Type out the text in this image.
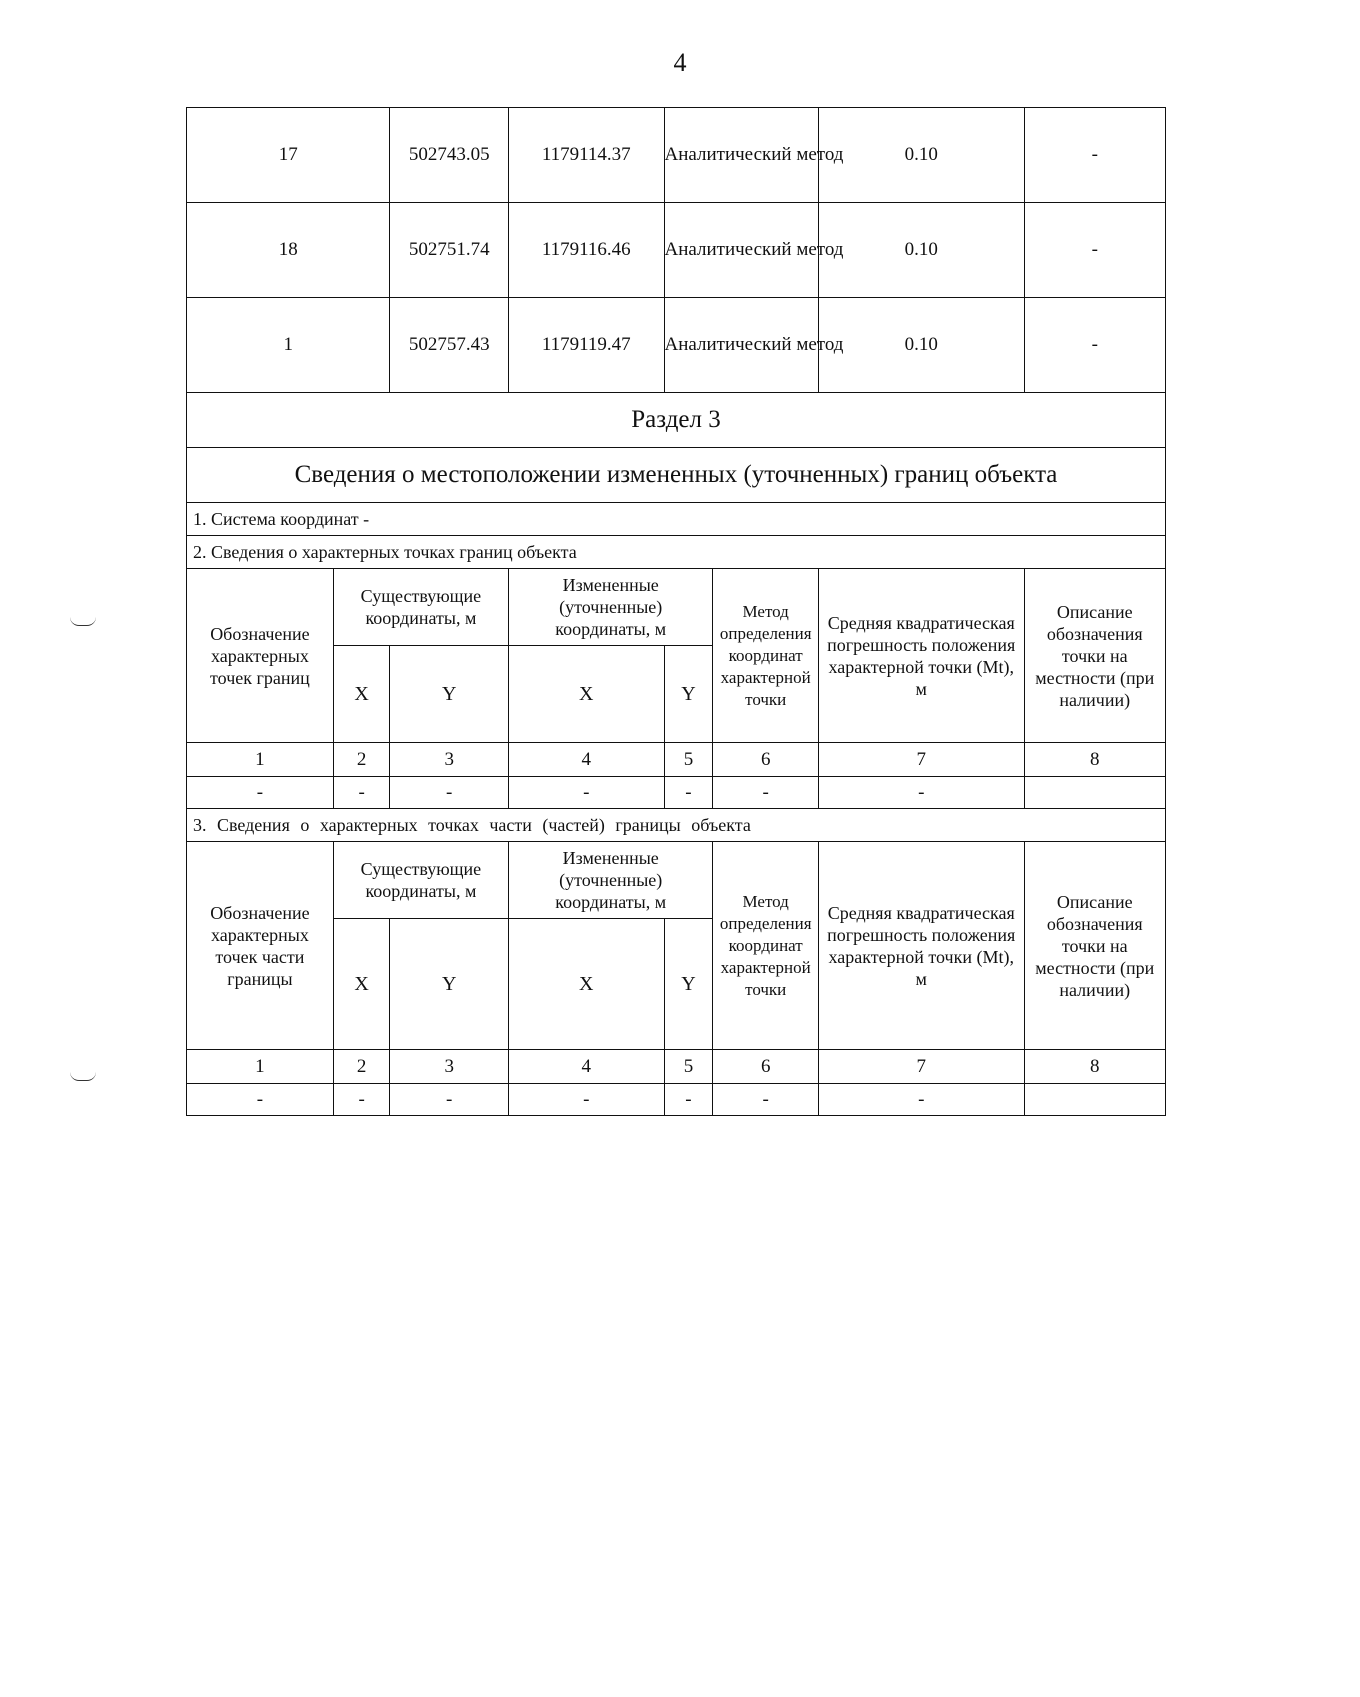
4
17		502743.05	1179114.37	Аналитический метод		0.10	-
18		502751.74	1179116.46	Аналитический метод		0.10	-
1		502757.43	1179119.47	Аналитический метод		0.10	-
Раздел 3							
Сведения о местоположении измененных (уточненных) границ объекта							
1. Система координат -							
2. Сведения о характерных точках границ объекта							
Обозначение характерных точек границ	Существующие координаты, м		Измененные (уточненные) координаты, м		Метод определения координат характерной точки	Средняя квадратическая погрешность положения характерной точки (Mt), м	Описание обозначения точки на местности (при наличии)
	X	Y	X	Y			
1	2	3	4	5	6	7	8
-	-	-	-	-	-	-	
3. Сведения о характерных точках части (частей) границы объекта							
Обозначение характерных точек части границы	Существующие координаты, м		Измененные (уточненные) координаты, м		Метод определения координат характерной точки	Средняя квадратическая погрешность положения характерной точки (Mt), м	Описание обозначения точки на местности (при наличии)
	X	Y	X	Y			
1	2	3	4	5	6	7	8
-	-	-	-	-	-	-	
